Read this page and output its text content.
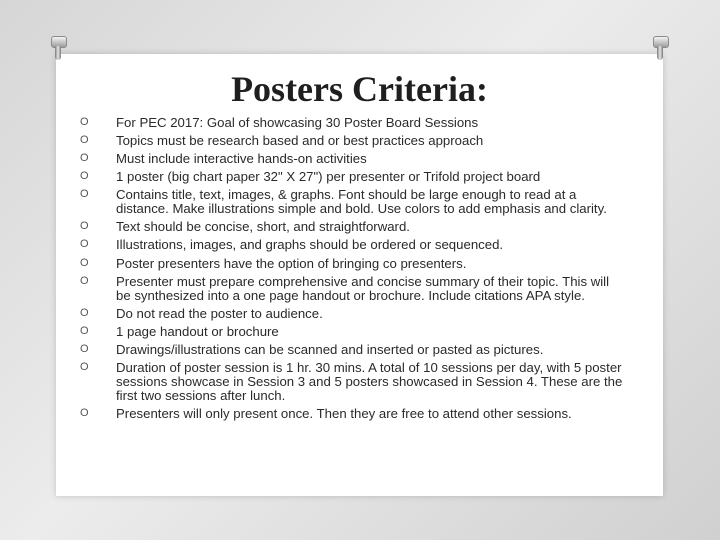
Posters Criteria:
O For PEC 2017: Goal of showcasing 30 Poster Board Sessions
O Topics must be research based and or best practices approach
O Must include interactive hands-on activities
O 1 poster (big chart paper 32" X 27") per presenter or Trifold project board
O Contains title, text, images, & graphs. Font should be large enough to read at a distance. Make illustrations simple and bold. Use colors to add emphasis and clarity.
O Text should be concise, short, and straightforward.
O Illustrations, images, and graphs should be ordered or sequenced.
O Poster presenters have the option of bringing co presenters.
O Presenter must prepare comprehensive and concise summary of their topic. This will be synthesized into a one page handout or brochure. Include citations APA style.
O Do not read the poster to audience.
O 1 page handout or brochure
O Drawings/illustrations can be scanned and inserted or pasted as pictures.
O Duration of poster session is 1 hr. 30 mins. A total of 10 sessions per day, with 5 poster sessions showcase in Session 3 and 5 posters showcased in Session 4. These are the first two sessions after lunch.
O Presenters will only present once. Then they are free to attend other sessions.
